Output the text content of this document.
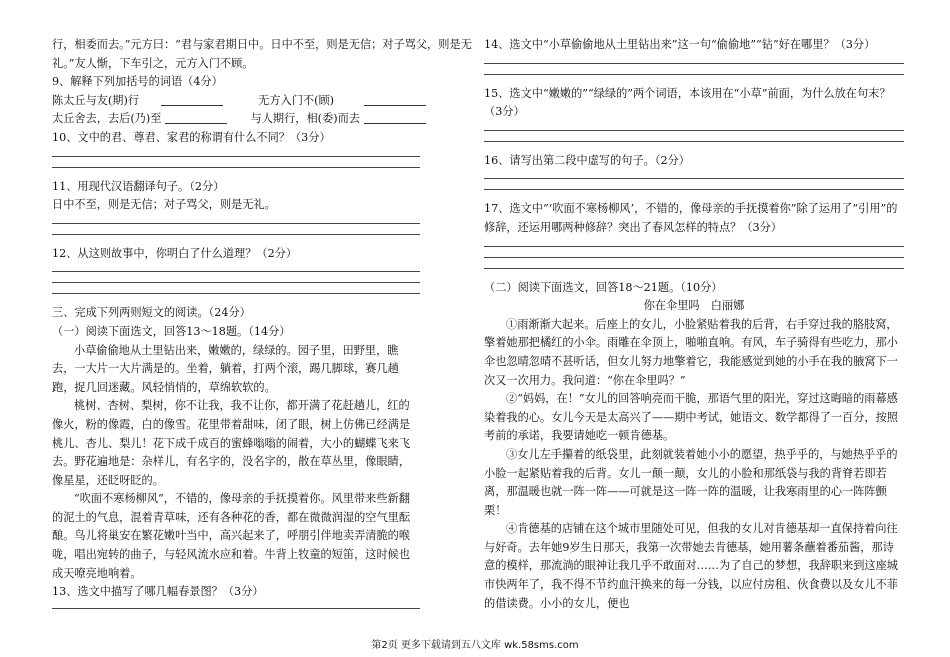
行，相委而去。”元方曰：“君与家君期日中。日中不至，则是无信；对子骂父，则是无
礼。”友人惭，下车引之，元方入门不顾。
9、解释下列加括号的词语（4分）
陈太丘与友(期)行	无方入门不(顾)
太丘舍去，去后(乃)至	与人期行，相(委)而去
10、文中的君、尊君、家君的称谓有什么不同？（3分）
11、用现代汉语翻译句子。（2分）
日中不至，则是无信；对子骂父，则是无礼。
12、从这则故事中，你明白了什么道理？（2分）
三、完成下列两则短文的阅读。（24分）
（一）阅读下面选文，回答13～18题。（14分）
小草偷偷地从土里钻出来，嫩嫩的，绿绿的。园子里，田野里，瞧去，一大片一大片满是的。坐着，躺着，打两个滚，踢几脚球，赛几趟跑，捉几回迷藏。风轻悄悄的，草绵软软的。
桃树、杏树、梨树，你不让我，我不让你，都开满了花赶趟儿，红的像火，粉的像霞，白的像雪。花里带着甜味，闭了眼，树上仿佛已经满是桃儿、杏儿、梨儿！花下成千成百的蜜蜂嗡嗡的闹着，大小的蝴蝶飞来飞去。野花遍地是：杂样儿，有名字的，没名字的，散在草丛里，像眼睛，像星星，还眨呀眨的。
“吹面不寒杨柳风”，不错的，像母亲的手抚摸着你。风里带来些新翻的泥土的气息，混着青草味，还有各种花的香，都在微微润湿的空气里酝酿。鸟儿将巢安在繁花嫩叶当中，高兴起来了，呼朋引伴地卖弄清脆的喉咙，唱出宛转的曲子，与轻风流水应和着。牛背上牧童的短笛，这时候也成天嘹亮地响着。
13、选文中描写了哪几幅春景图？（3分）
14、选文中“小草偷偷地从土里钻出来”这一句“偷偷地”“钻”好在哪里？（3分）
15、选文中“嫩嫩的”“绿绿的”两个词语，本该用在“小草”前面，为什么放在句末？（3分）
16、请写出第二段中虚写的句子。（2分）
17、选文中“‘吹面不寒杨柳风’，不错的，像母亲的手抚摸着你”除了运用了“引用”的修辞，还运用哪两种修辞？突出了春风怎样的特点？（3分）
（二）阅读下面选文，回答18～21题。（10分）
你在伞里吗　白丽娜
①雨渐渐大起来。后座上的女儿，小脸紧贴着我的后背，右手穿过我的胳肢窝，擎着她那把橘红的小伞。雨雕在伞顶上，啪啪直响。有风，车子骑得有些吃力，那小伞也忽晴忽晴不甚听话，但女儿努力地擎着它，我能感觉到她的小手在我的腋窝下一次又一次用力。我问道：“你在伞里吗？”
②“妈妈，在！”女儿的回答响亮而干脆，那语气里的阳光，穿过这晦暗的雨幕感染着我的心。女儿今天是太高兴了——期中考试，她语文、数学都得了一百分，按照考前的承诺，我要请她吃一顿肯德基。
③女儿左手攥着的纸袋里，此刻就装着她小小的愿望，热乎乎的，与她热乎乎的小脸一起紧贴着我的后背。女儿一颠一颠，女儿的小脸和那纸袋与我的背脊若即若离，那温暖也就一阵一阵——可就是这一阵一阵的温暖，让我寒雨里的心一阵阵颤栗！
④肯德基的店铺在这个城市里随处可见，但我的女儿对肯德基却一直保持着向往与好奇。去年她9岁生日那天，我第一次带她去肯德基，她用薯条蘸着番茄酱，那诗意的模样，那流淌的眼神让我几乎不敢面对……为了自己的梦想，我辞职来到这座城市快两年了，我不得不节约血汗换来的每一分钱，以应付房租、伙食费以及女儿不菲的借读费。小小的女儿，便也
第2页 更多下载请到五八文库 wk.58sms.com
